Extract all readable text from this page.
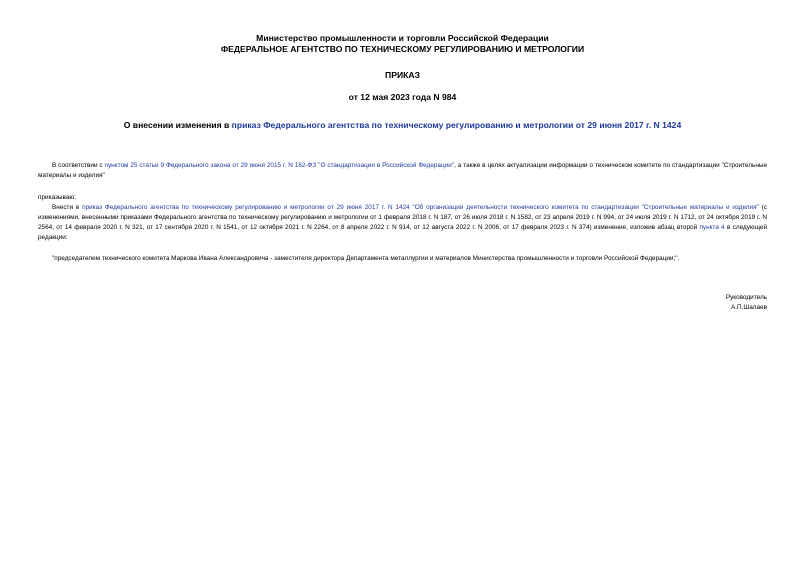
Министерство промышленности и торговли Российской Федерации
ФЕДЕРАЛЬНОЕ АГЕНТСТВО ПО ТЕХНИЧЕСКОМУ РЕГУЛИРОВАНИЮ И МЕТРОЛОГИИ
ПРИКАЗ
от 12 мая 2023 года N 984
О внесении изменения в приказ Федерального агентства по техническому регулированию и метрологии от 29 июня 2017 г. N 1424
В соответствии с пунктом 25 статьи 9 Федерального закона от 29 июня 2015 г. N 162-ФЗ "О стандартизации в Российской Федерации", а также в целях актуализации информации о техническом комитете по стандартизации "Строительные материалы и изделия"
приказываю:
Внести в приказ Федерального агентства по техническому регулированию и метрологии от 29 июня 2017 г. N 1424 "Об организации деятельности технического комитета по стандартизации "Строительные материалы и изделия" (с изменениями, внесенными приказами Федерального агентства по техническому регулированию и метрологии от 1 февраля 2018 г. N 187, от 26 июля 2018 г. N 1582, от 23 апреля 2019 г. N 994, от 24 июля 2019 г. N 1712, от 24 октября 2019 г. N 2564, от 14 февраля 2020 г. N 321, от 17 сентября 2020 г. N 1541, от 12 октября 2021 г. N 2264, от 8 апреля 2022 г. N 914, от 12 августа 2022 г. N 2006, от 17 февраля 2023 г. N 374) изменение, изложив абзац второй пункта 4 в следующей редакции:
"председателем технического комитета Маркова Ивана Александровича - заместителя директора Департамента металлургии и материалов Министерства промышленности и торговли Российской Федерации;".
Руководитель
А.П.Шалаев
